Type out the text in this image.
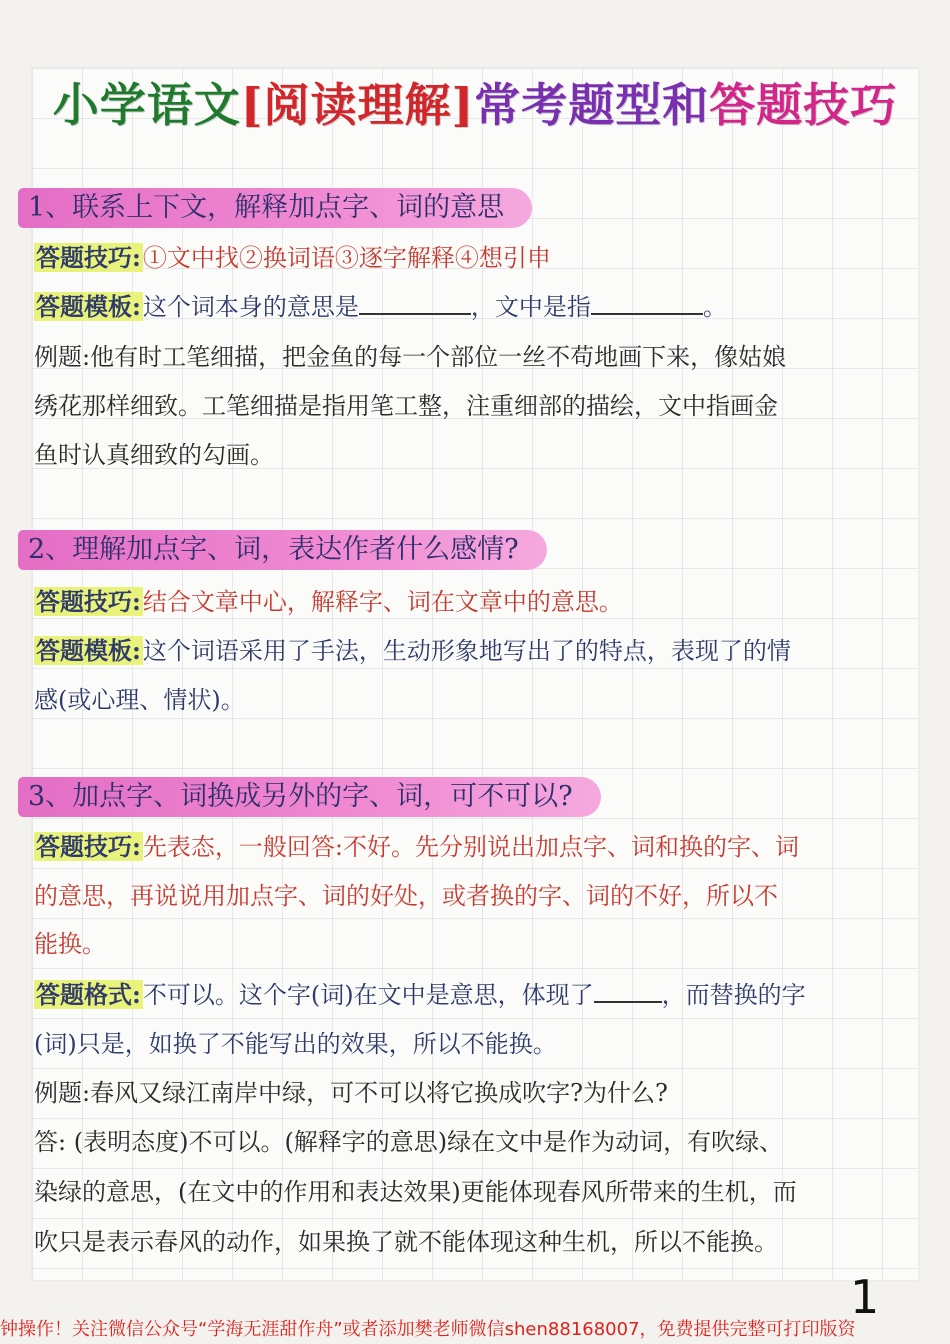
小学语文[阅读理解]常考题型和答题技巧
1、联系上下文，解释加点字、词的意思
答题技巧:①文中找②换词语③逐字解释④想引申
答题模板:这个词本身的意思是	，文中是指	。
例题:他有时工笔细描，把金鱼的每一个部位一丝不苟地画下来，像姑娘
绣花那样细致。工笔细描是指用笔工整，注重细部的描绘，文中指画金
鱼时认真细致的勾画。
2、理解加点字、词，表达作者什么感情?
答题技巧:结合文章中心，解释字、词在文章中的意思。
答题模板:这个词语采用了手法，生动形象地写出了的特点，表现了的情
感(或心理、情状)。
3、加点字、词换成另外的字、词，可不可以?
答题技巧:先表态，一般回答:不好。先分别说出加点字、词和换的字、词
的意思，再说说用加点字、词的好处，或者换的字、词的不好，所以不
能换。
答题格式:不可以。这个字(词)在文中是意思，体现了	，而替换的字
(词)只是，如换了不能写出的效果，所以不能换。
例题:春风又绿江南岸中绿，可不可以将它换成吹字?为什么?
答: (表明态度)不可以。(解释字的意思)绿在文中是作为动词，有吹绿、
染绿的意思，(在文中的作用和表达效果)更能体现春风所带来的生机，而
吹只是表示春风的动作，如果换了就不能体现这种生机，所以不能换。
1
钟操作！关注微信公众号“学海无涯甜作舟”或者添加樊老师微信shen88168007，免费提供完整可打印版资
